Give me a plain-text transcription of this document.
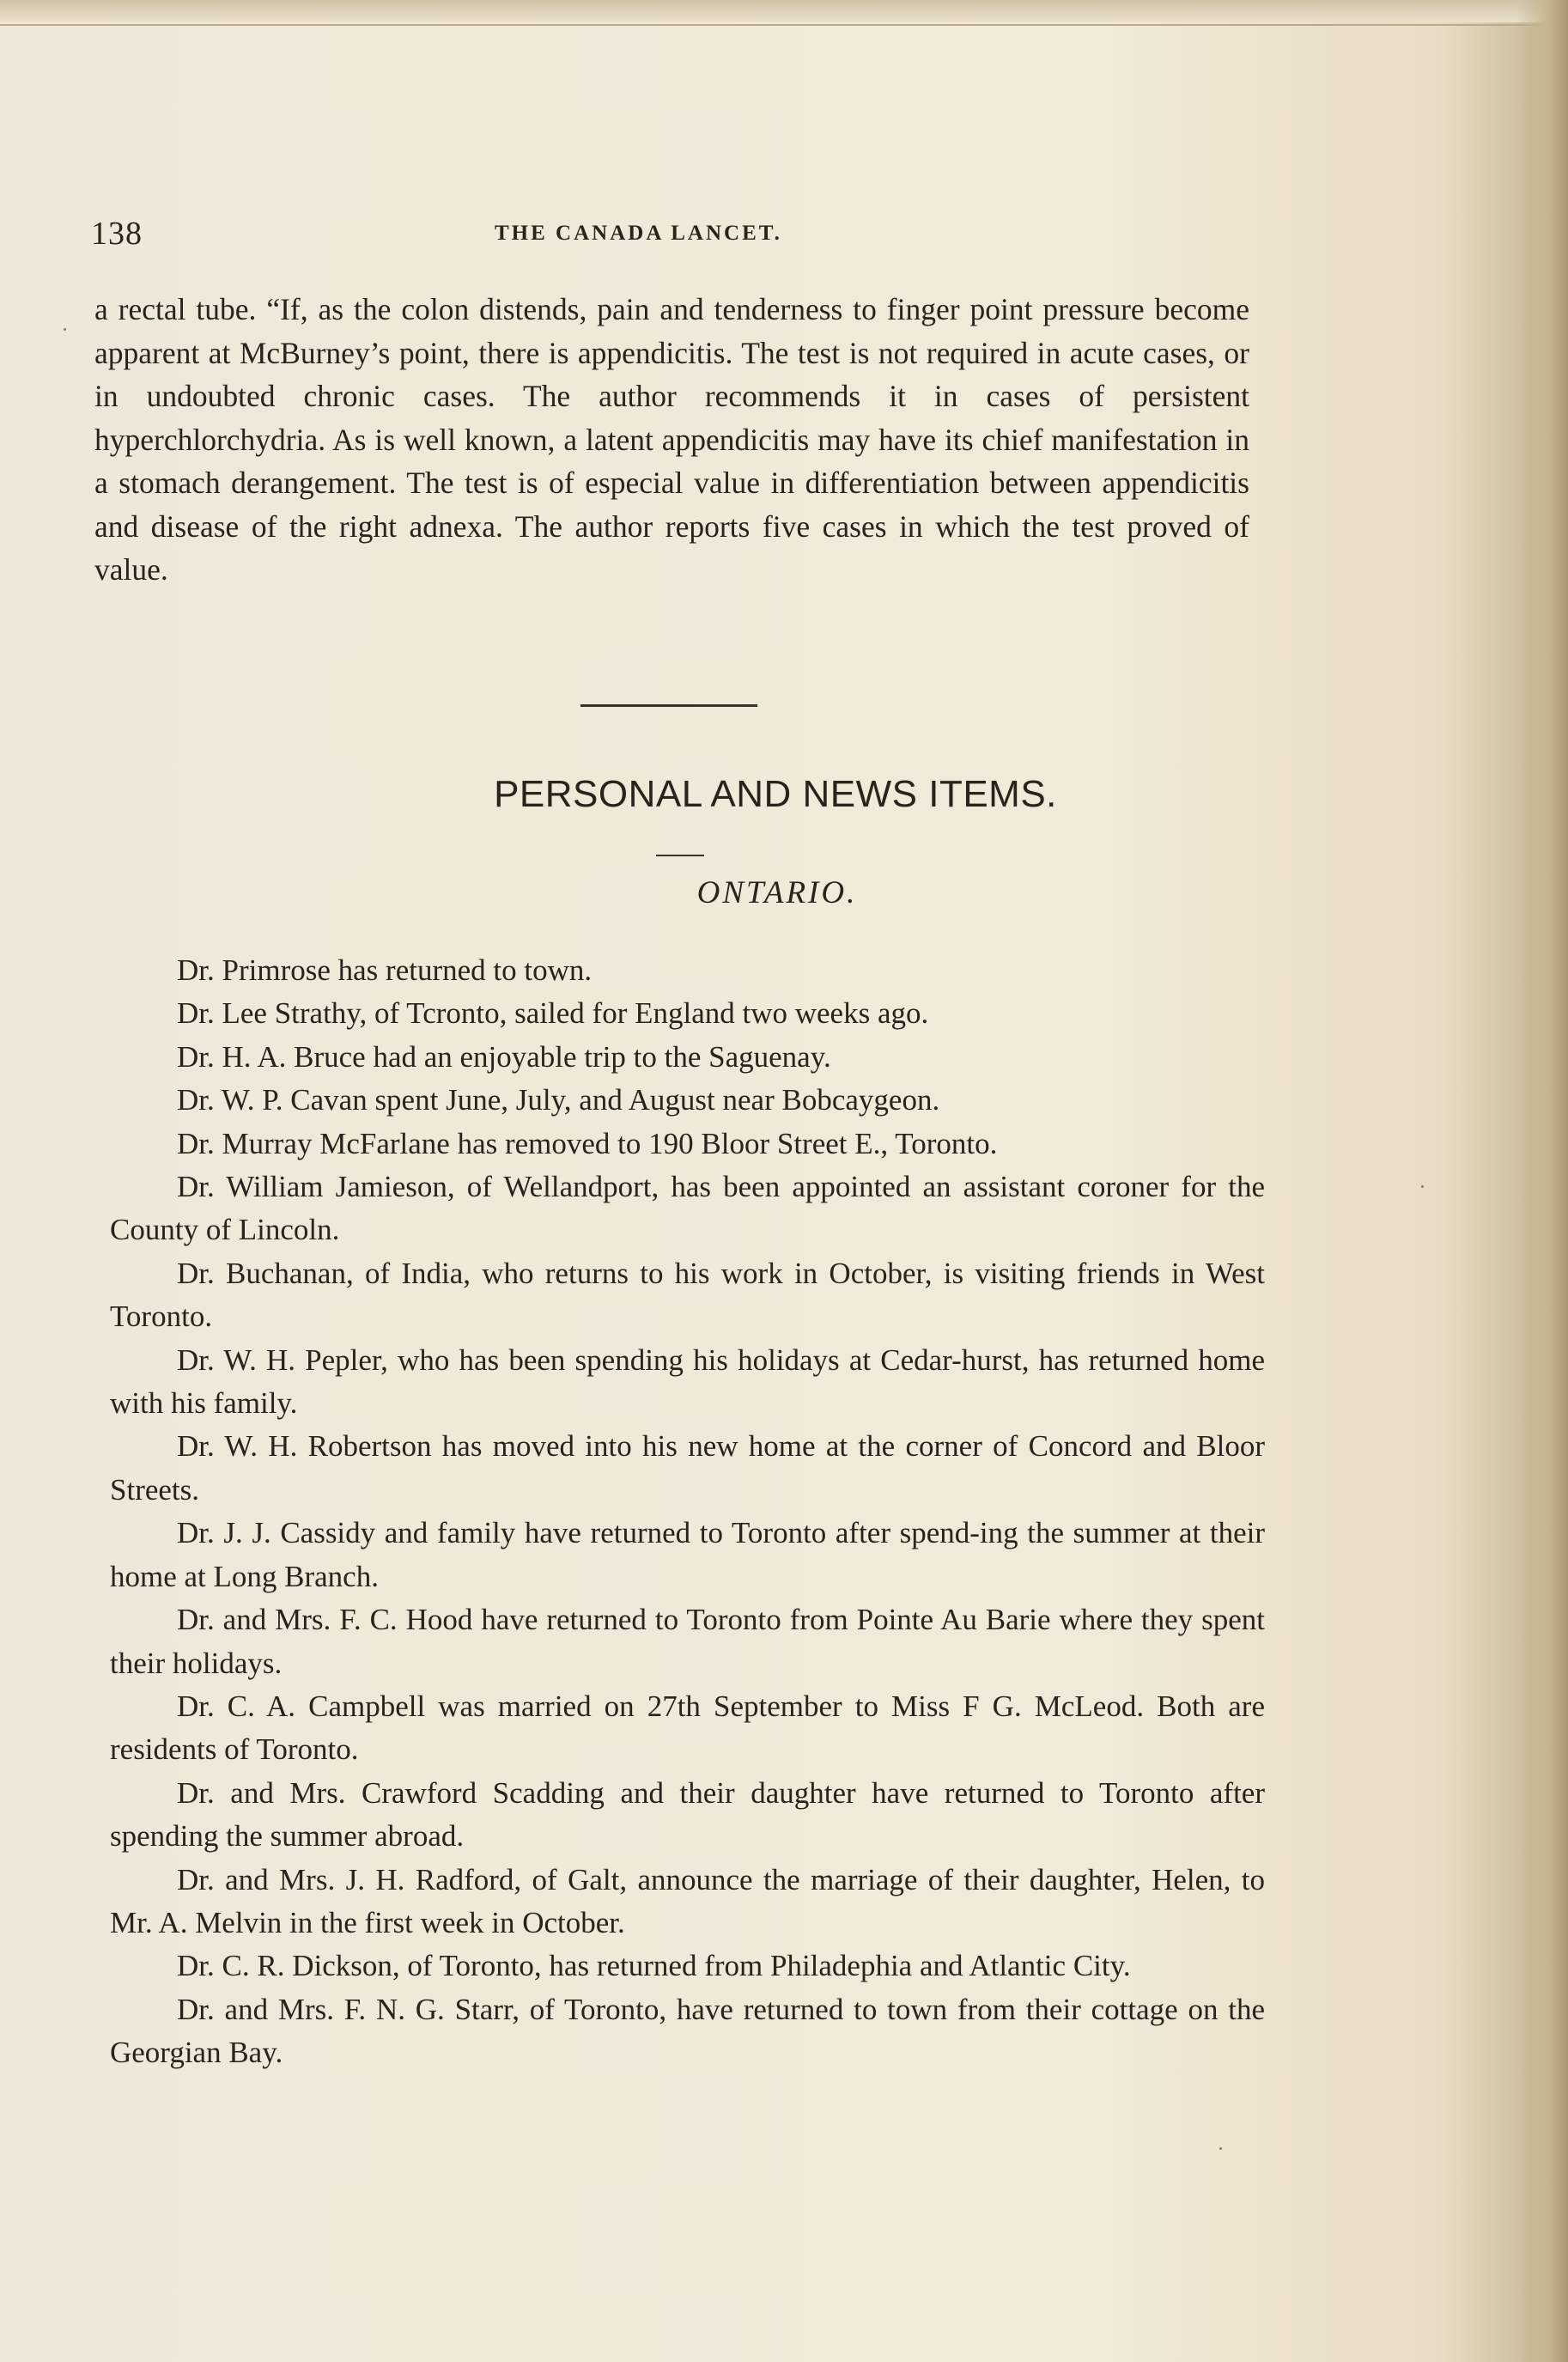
138	THE CANADA LANCET.
a rectal tube. “If, as the colon distends, pain and tenderness to finger point pressure become apparent at McBurney’s point, there is appendicitis. The test is not required in acute cases, or in undoubted chronic cases. The author recommends it in cases of persistent hyperchlorchydria. As is well known, a latent appendicitis may have its chief manifestation in a stomach derangement. The test is of especial value in differentiation between appendicitis and disease of the right adnexa. The author reports five cases in which the test proved of value.
PERSONAL AND NEWS ITEMS.
ONTARIO.

Dr. Primrose has returned to town.

Dr. Lee Strathy, of Tcronto, sailed for England two weeks ago.

Dr. H. A. Bruce had an enjoyable trip to the Saguenay.

Dr. W. P. Cavan spent June, July, and August near Bobcaygeon.

Dr. Murray McFarlane has removed to 190 Bloor Street E., Toronto.

Dr. William Jamieson, of Wellandport, has been appointed an assistant coroner for the County of Lincoln.

Dr. Buchanan, of India, who returns to his work in October, is visiting friends in West Toronto.

Dr. W. H. Pepler, who has been spending his holidays at Cedar-hurst, has returned home with his family.

Dr. W. H. Robertson has moved into his new home at the corner of Concord and Bloor Streets.

Dr. J. J. Cassidy and family have returned to Toronto after spend-ing the summer at their home at Long Branch.

Dr. and Mrs. F. C. Hood have returned to Toronto from Pointe Au Barie where they spent their holidays.

Dr. C. A. Campbell was married on 27th September to Miss F G. McLeod. Both are residents of Toronto.

Dr. and Mrs. Crawford Scadding and their daughter have returned to Toronto after spending the summer abroad.

Dr. and Mrs. J. H. Radford, of Galt, announce the marriage of their daughter, Helen, to Mr. A. Melvin in the first week in October.

Dr. C. R. Dickson, of Toronto, has returned from Philadephia and Atlantic City.

Dr. and Mrs. F. N. G. Starr, of Toronto, have returned to town from their cottage on the Georgian Bay.
